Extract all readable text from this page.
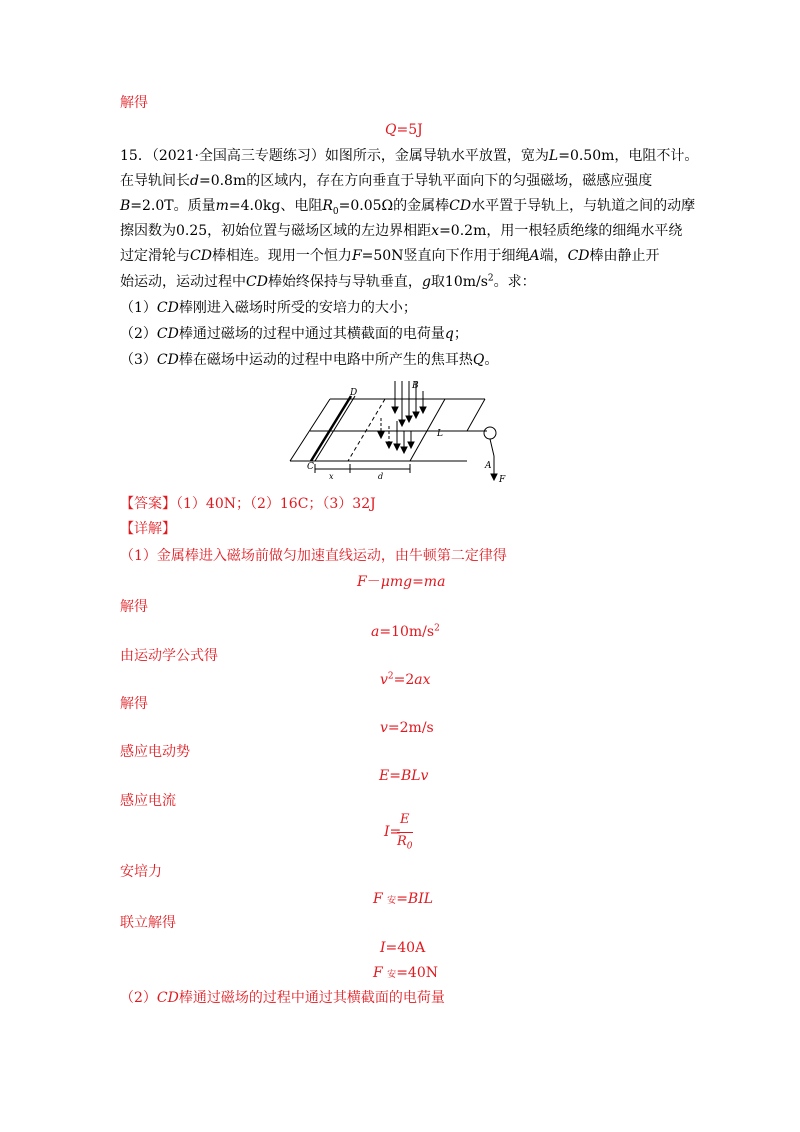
解得
Q=5J
15．（2021·全国高三专题练习）如图所示，金属导轨水平放置，宽为L=0.50m，电阻不计。
在导轨间长d=0.8m的区域内，存在方向垂直于导轨平面向下的匀强磁场，磁感应强度
B=2.0T。质量m=4.0kg、电阻$R_0=0.05\Omega$的金属棒CD水平置于导轨上，与轨道之间的动摩
擦因数为0.25，初始位置与磁场区域的左边界相距x=0.2m，用一根轻质绝缘的细绳水平绕
过定滑轮与CD棒相连。现用一个恒力F=50N竖直向下作用于细绳A端，CD棒由静止开
始运动，运动过程中CD棒始终保持与导轨垂直，g取$10m/s^2$。求：
（1）CD棒刚进入磁场时所受的安培力的大小；
（2）CD棒通过磁场的过程中通过其横截面的电荷量q；
（3）CD棒在磁场中运动的过程中电路中所产生的焦耳热Q。
D
B
L
C
x	d
A
F
【答案】（1）40N；（2）16C；（3）32J
【详解】
（1）金属棒进入磁场前做匀加速直线运动，由牛顿第二定律得
F－μmg=ma
解得
$a=10m/s^2$
由运动学公式得
$v^2=2ax$
解得
v=2m/s
感应电动势
E=BLv
感应电流
I=
E
$R_0$
安培力
F 安=BIL
联立解得
I=40A
F 安=40N
（2）CD棒通过磁场的过程中通过其横截面的电荷量
